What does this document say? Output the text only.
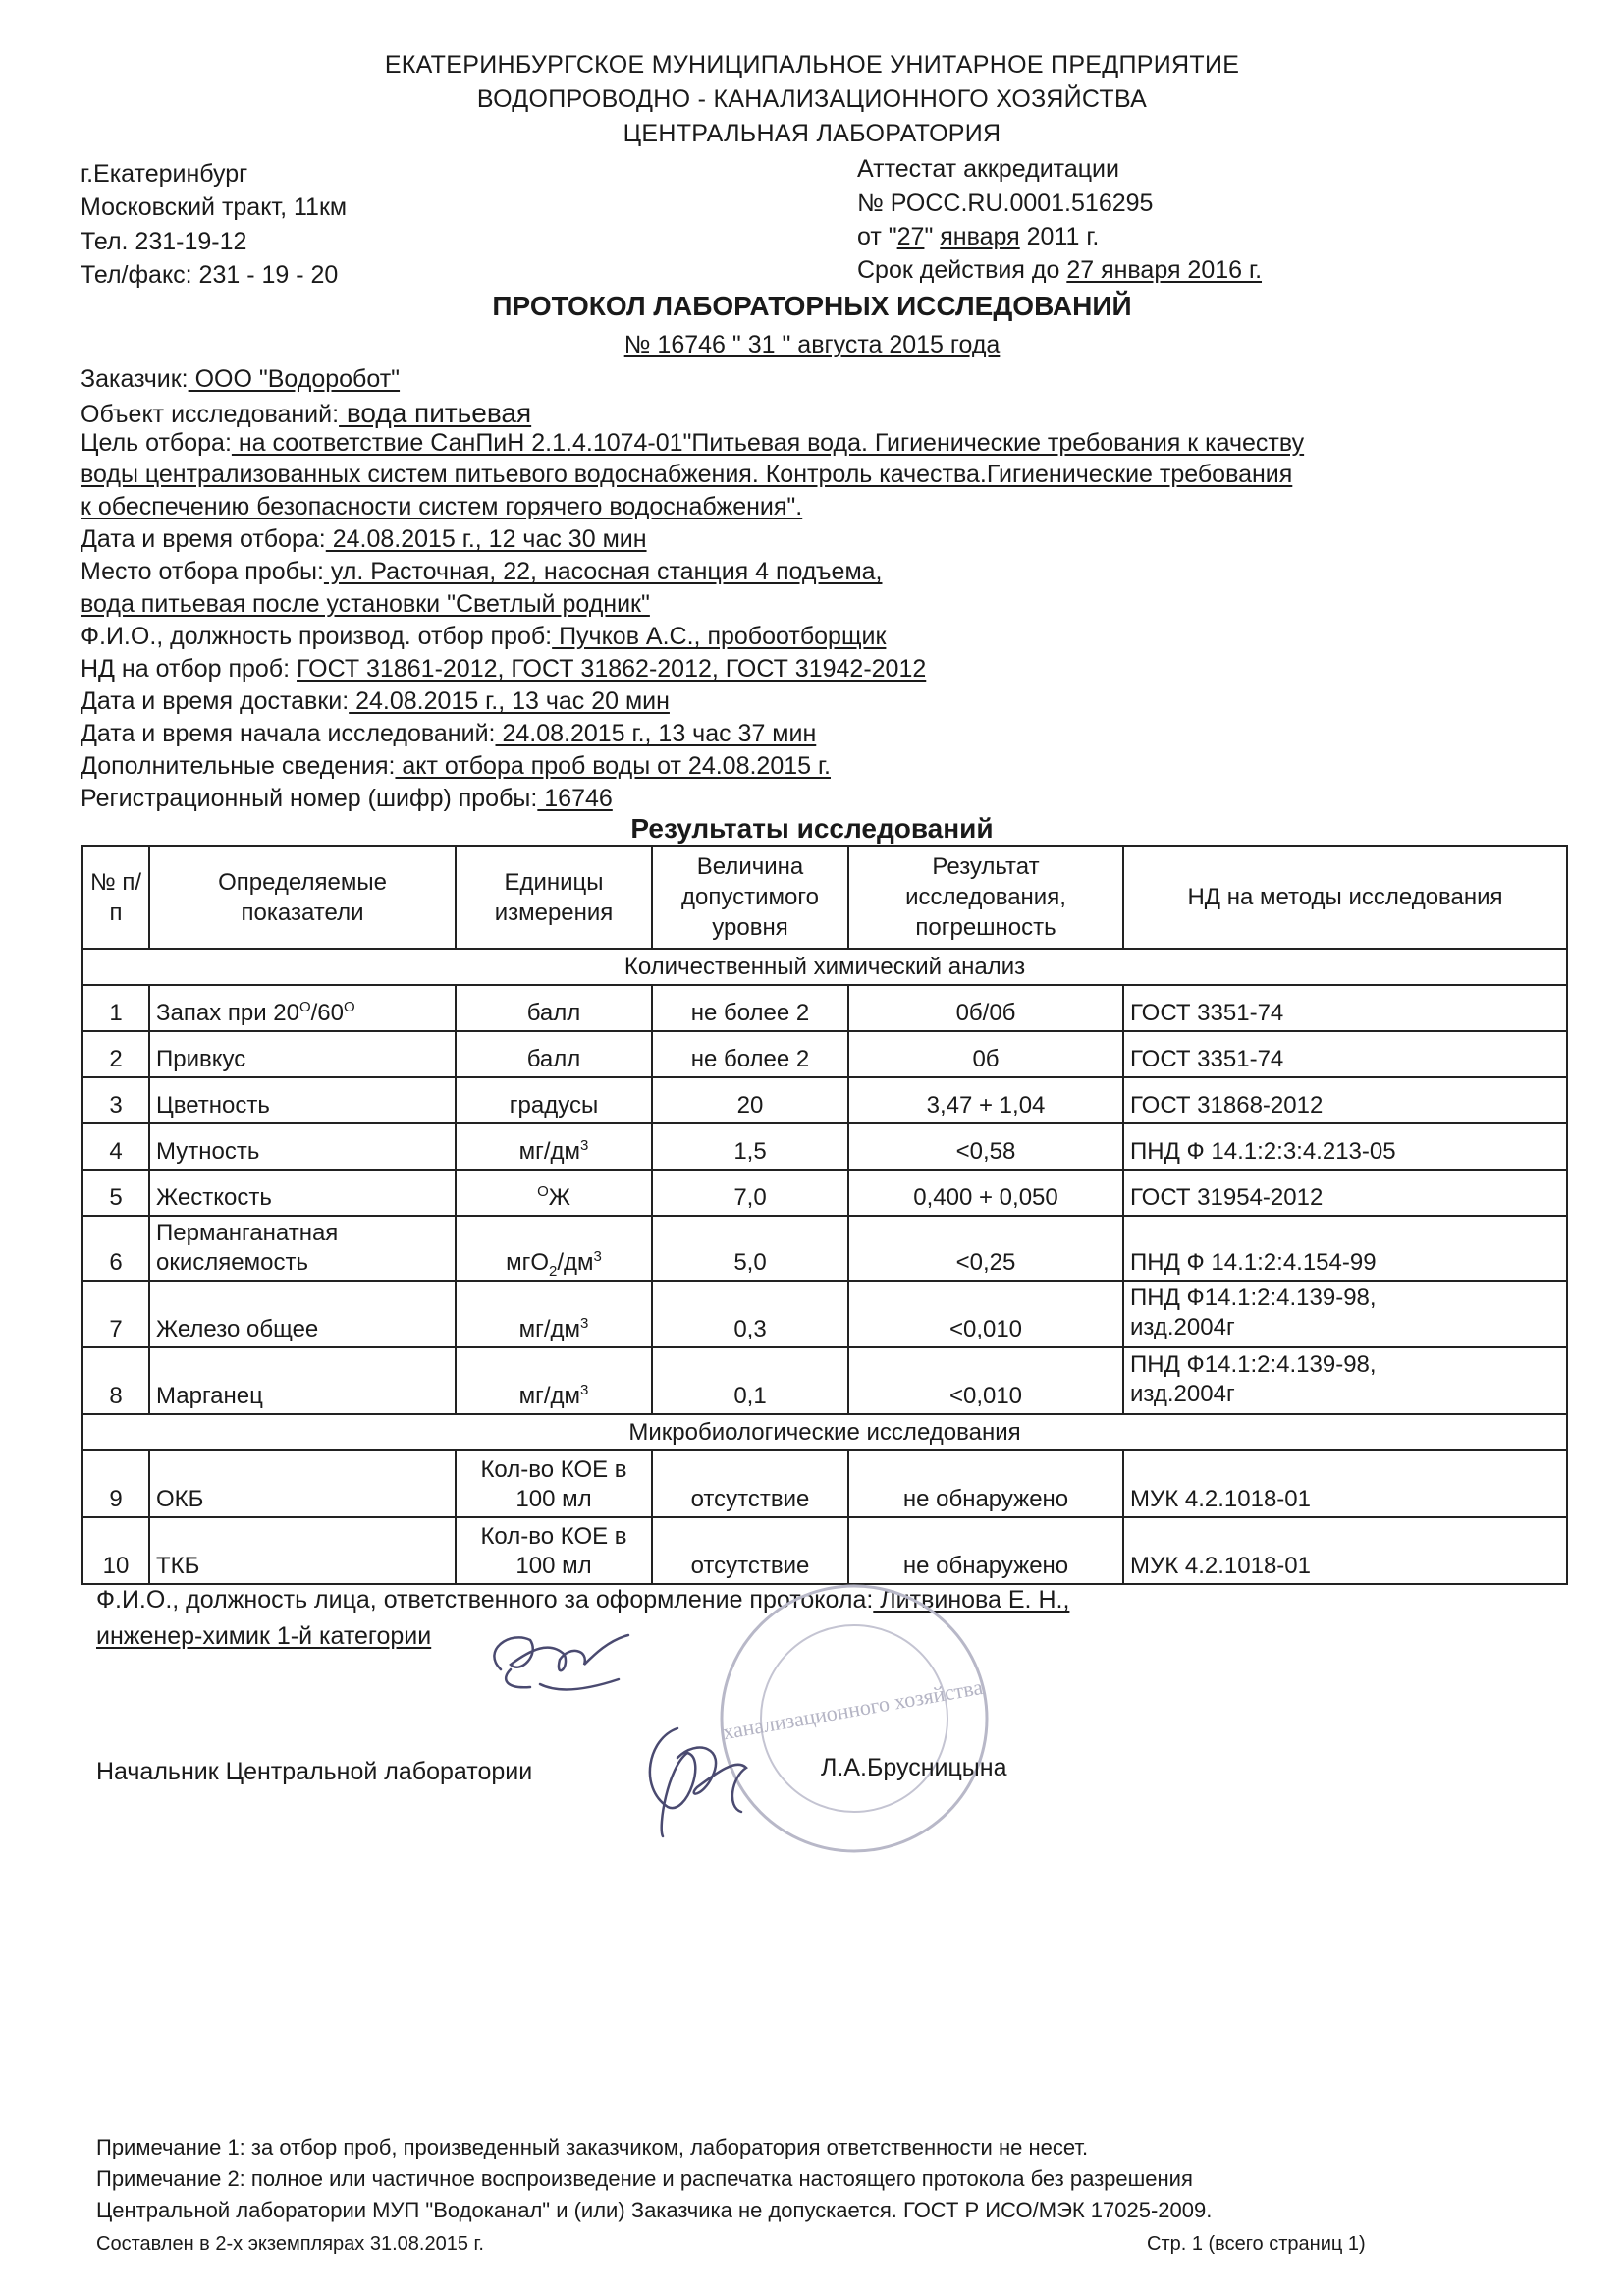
ЕКАТЕРИНБУРГСКОЕ МУНИЦИПАЛЬНОЕ УНИТАРНОЕ ПРЕДПРИЯТИЕ
ВОДОПРОВОДНО - КАНАЛИЗАЦИОННОГО ХОЗЯЙСТВА
ЦЕНТРАЛЬНАЯ ЛАБОРАТОРИЯ
г.Екатеринбург
Московский тракт, 11км
Тел. 231-19-12
Тел/факс: 231 - 19 - 20
Аттестат аккредитации
№ РОСС.RU.0001.516295
от "27" января 2011 г.
Срок действия до 27 января 2016 г.
ПРОТОКОЛ ЛАБОРАТОРНЫХ ИССЛЕДОВАНИЙ
№ 16746 " 31 " августа 2015 года
Заказчик: ООО "Водоробот"
Объект исследований: вода питьевая
Цель отбора: на соответствие СанПиН 2.1.4.1074-01"Питьевая вода. Гигиенические требования к качеству
воды централизованных систем питьевого водоснабжения. Контроль качества.Гигиенические требования
к обеспечению безопасности систем горячего водоснабжения".
Дата и время отбора: 24.08.2015 г., 12 час 30 мин
Место отбора пробы: ул. Расточная, 22, насосная станция 4 подъема,
вода питьевая после установки "Светлый родник"
Ф.И.О., должность производ. отбор проб: Пучков А.С., пробоотборщик
НД на отбор проб: ГОСТ 31861-2012, ГОСТ 31862-2012, ГОСТ 31942-2012
Дата и время доставки: 24.08.2015 г., 13 час 20 мин
Дата и время начала исследований: 24.08.2015 г., 13 час 37 мин
Дополнительные сведения: акт отбора проб воды от 24.08.2015 г.
Регистрационный номер (шифр) пробы: 16746
Результаты исследований
№ п/п	Определяемые показатели	Единицы измерения	Величина допустимого уровня	Результат исследования, погрешность	НД на методы исследования
Количественный химический анализ					
1	Запах при $20^O/60^O$	балл	не более 2	0б/0б	ГОСТ 3351-74
2	Привкус	балл	не более 2	0б	ГОСТ 3351-74
3	Цветность	градусы	20	3,47 + 1,04	ГОСТ 31868-2012
4	Мутность	$мг/дм^3$	1,5	<0,58	ПНД Ф 14.1:2:3:4.213-05
5	Жесткость	$^O$Ж	7,0	0,400 + 0,050	ГОСТ 31954-2012
6	Перманганатная
окисляемость	$мгО_2/дм^3$	5,0	<0,25	ПНД Ф 14.1:2:4.154-99
7	Железо общее	$мг/дм^3$	0,3	<0,010	ПНД Ф14.1:2:4.139-98,
изд.2004г

8	Марганец	$мг/дм^3$	0,1	<0,010	ПНД Ф14.1:2:4.139-98,
изд.2004г

Микробиологические исследования					
9	ОКБ	Кол-во КОЕ в
100 мл	отсутствие	не обнаружено	МУК 4.2.1018-01
10	ТКБ	Кол-во КОЕ в
100 мл	отсутствие	не обнаружено	МУК 4.2.1018-01
Ф.И.О., должность лица, ответственного за оформление протокола: Литвинова Е. Н.,
инженер-химик 1-й категории
ханализационного хозяйства
Начальник Центральной лаборатории	Л.А.Брусницына
Примечание 1: за отбор проб, произведенный заказчиком, лаборатория ответственности не несет.
Примечание 2: полное или частичное воспроизведение и распечатка настоящего протокола без разрешения
Центральной лаборатории МУП "Водоканал" и (или) Заказчика не допускается. ГОСТ Р ИСО/МЭК 17025-2009.
Составлен в 2-х экземплярах 31.08.2015 г.	Стр. 1 (всего страниц 1)
